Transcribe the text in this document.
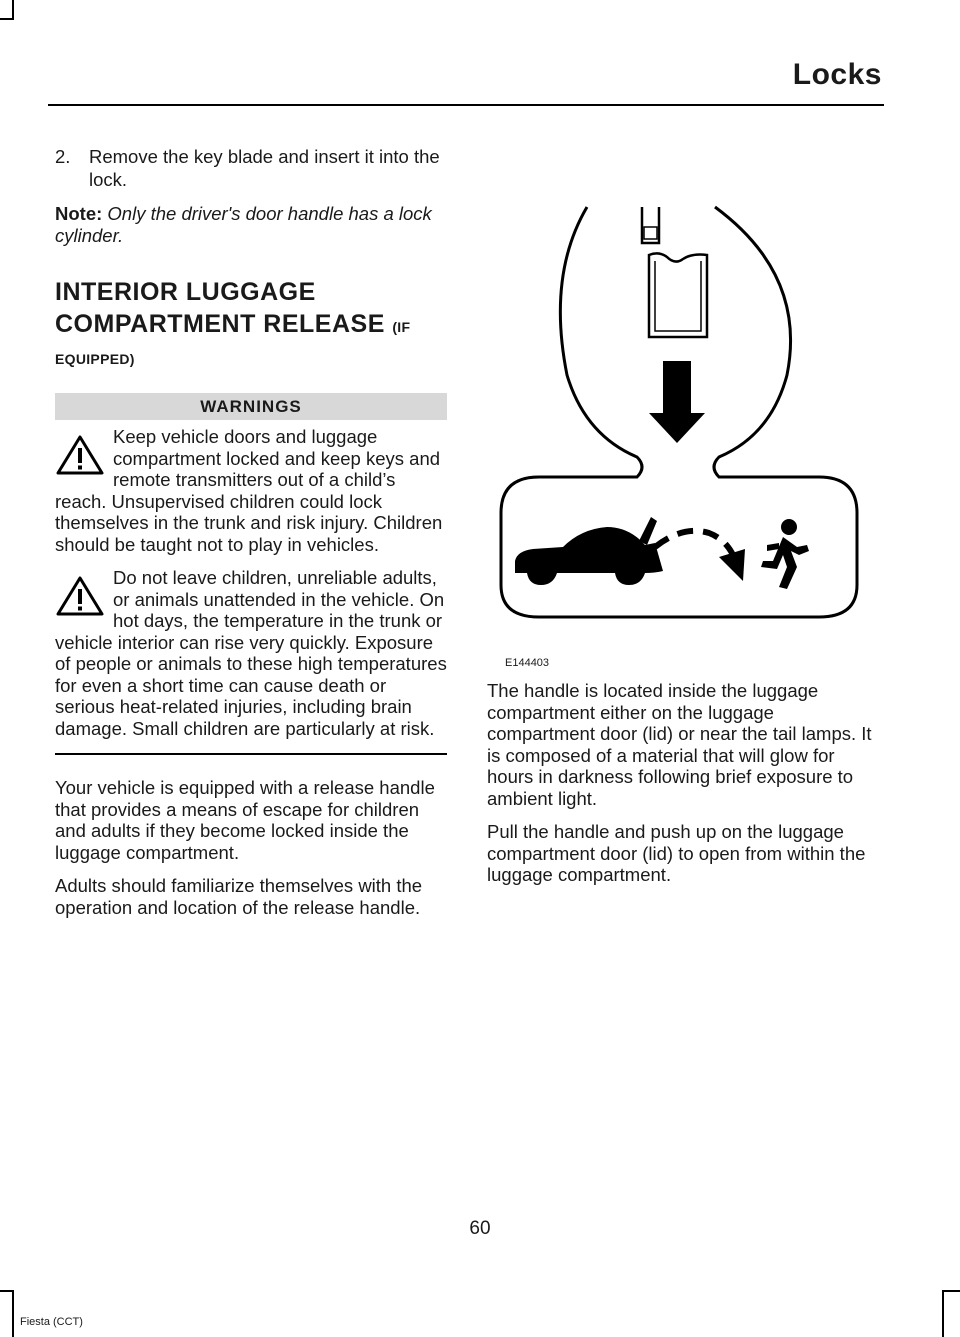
Locks
2.	Remove the key blade and insert it into the lock.

Note: Only the driver's door handle has a lock cylinder.

INTERIOR LUGGAGE COMPARTMENT RELEASE (IF
EQUIPPED)
WARNINGS
Keep vehicle doors and luggage compartment locked and keep keys and remote transmitters out of a child’s reach. Unsupervised children could lock themselves in the trunk and risk injury. Children should be taught not to play in vehicles.
Do not leave children, unreliable adults, or animals unattended in the vehicle. On hot days, the temperature in the trunk or vehicle interior can rise very quickly. Exposure of people or animals to these high temperatures for even a short time can cause death or serious heat-related injuries, including brain damage. Small children are particularly at risk.

Your vehicle is equipped with a release handle that provides a means of escape for children and adults if they become locked inside the luggage compartment.

Adults should familiarize themselves with the operation and location of the release handle.

E144403

The handle is located inside the luggage compartment either on the luggage compartment door (lid) or near the tail lamps. It is composed of a material that will glow for hours in darkness following brief exposure to ambient light.

Pull the handle and push up on the luggage compartment door (lid) to open from within the luggage compartment.

60
Fiesta (CCT)
